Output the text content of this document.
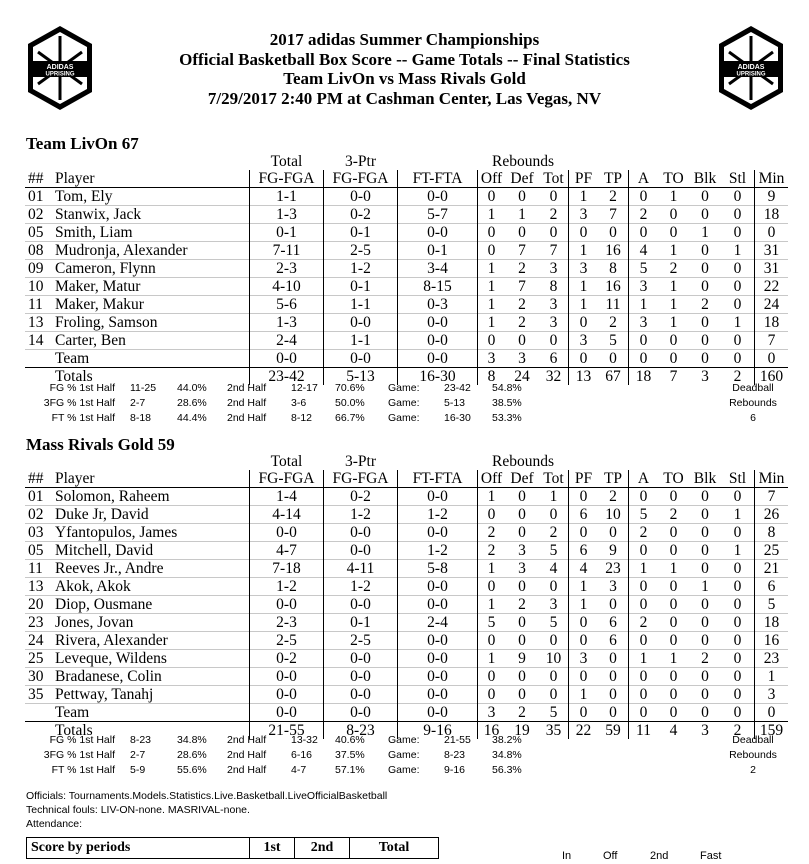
ADIDAS
UPRISING
ADIDAS
UPRISING
2017 adidas Summer Championships
Official Basketball Box Score -- Game Totals -- Final Statistics
Team LivOn vs Mass Rivals Gold
7/29/2017 2:40 PM at Cashman Center, Las Vegas, NV
Team LivOn 67
		Total	3-Ptr		Rebounds									
##	Player	FG-FGA	FG-FGA	FT-FTA	Off	Def	Tot	PF	TP	A	TO	Blk	Stl	Min
01	Tom, Ely	1-1	0-0	0-0	0	0	0	1	2	0	1	0	0	9
02	Stanwix, Jack	1-3	0-2	5-7	1	1	2	3	7	2	0	0	0	18
05	Smith, Liam	0-1	0-1	0-0	0	0	0	0	0	0	0	1	0	0
08	Mudronja, Alexander	7-11	2-5	0-1	0	7	7	1	16	4	1	0	1	31
09	Cameron, Flynn	2-3	1-2	3-4	1	2	3	3	8	5	2	0	0	31
10	Maker, Matur	4-10	0-1	8-15	1	7	8	1	16	3	1	0	0	22
11	Maker, Makur	5-6	1-1	0-3	1	2	3	1	11	1	1	2	0	24
13	Froling, Samson	1-3	0-0	0-0	1	2	3	0	2	3	1	0	1	18
14	Carter, Ben	2-4	1-1	0-0	0	0	0	3	5	0	0	0	0	7
	Team	0-0	0-0	0-0	3	3	6	0	0	0	0	0	0	0
	Totals	23-42	5-13	16-30	8	24	32	13	67	18	7	3	2	160
FG % 1st Half 11-25 44.0% 2nd Half 12-17 70.6% Game: 23-42 54.8%
3FG % 1st Half 2-7	28.6% 2nd Half 3-6	50.0% Game: 5-13	38.5%
FT % 1st Half 8-18 44.4% 2nd Half 8-12 66.7% Game: 16-30 53.3%
Deadball
Rebounds
6
Mass Rivals Gold 59
		Total	3-Ptr		Rebounds									
##	Player	FG-FGA	FG-FGA	FT-FTA	Off	Def	Tot	PF	TP	A	TO	Blk	Stl	Min
01	Solomon, Raheem	1-4	0-2	0-0	1	0	1	0	2	0	0	0	0	7
02	Duke Jr, David	4-14	1-2	1-2	0	0	0	6	10	5	2	0	1	26
03	Yfantopulos, James	0-0	0-0	0-0	2	0	2	0	0	2	0	0	0	8
05	Mitchell, David	4-7	0-0	1-2	2	3	5	6	9	0	0	0	1	25
11	Reeves Jr., Andre	7-18	4-11	5-8	1	3	4	4	23	1	1	0	0	21
13	Akok, Akok	1-2	1-2	0-0	0	0	0	1	3	0	0	1	0	6
20	Diop, Ousmane	0-0	0-0	0-0	1	2	3	1	0	0	0	0	0	5
23	Jones, Jovan	2-3	0-1	2-4	5	0	5	0	6	2	0	0	0	18
24	Rivera, Alexander	2-5	2-5	0-0	0	0	0	0	6	0	0	0	0	16
25	Leveque, Wildens	0-2	0-0	0-0	1	9	10	3	0	1	1	2	0	23
30	Bradanese, Colin	0-0	0-0	0-0	0	0	0	0	0	0	0	0	0	1
35	Pettway, Tanahj	0-0	0-0	0-0	0	0	0	1	0	0	0	0	0	3
	Team	0-0	0-0	0-0	3	2	5	0	0	0	0	0	0	0
	Totals	21-55	8-23	9-16	16	19	35	22	59	11	4	3	2	159
FG % 1st Half 8-23 34.8% 2nd Half 13-32 40.6% Game: 21-55 38.2%
3FG % 1st Half 2-7	28.6% 2nd Half 6-16 37.5% Game: 8-23	34.8%
FT % 1st Half 5-9	55.6% 2nd Half 4-7	57.1% Game: 9-16	56.3%
Deadball
Rebounds
2
Officials: Tournaments.Models.Statistics.Live.Basketball.LiveOfficialBasketball
Technical fouls: LIV-ON-none. MASRIVAL-none.
Attendance:
Score by periods	1st	2nd	Total
In	Off	2nd	Fast
